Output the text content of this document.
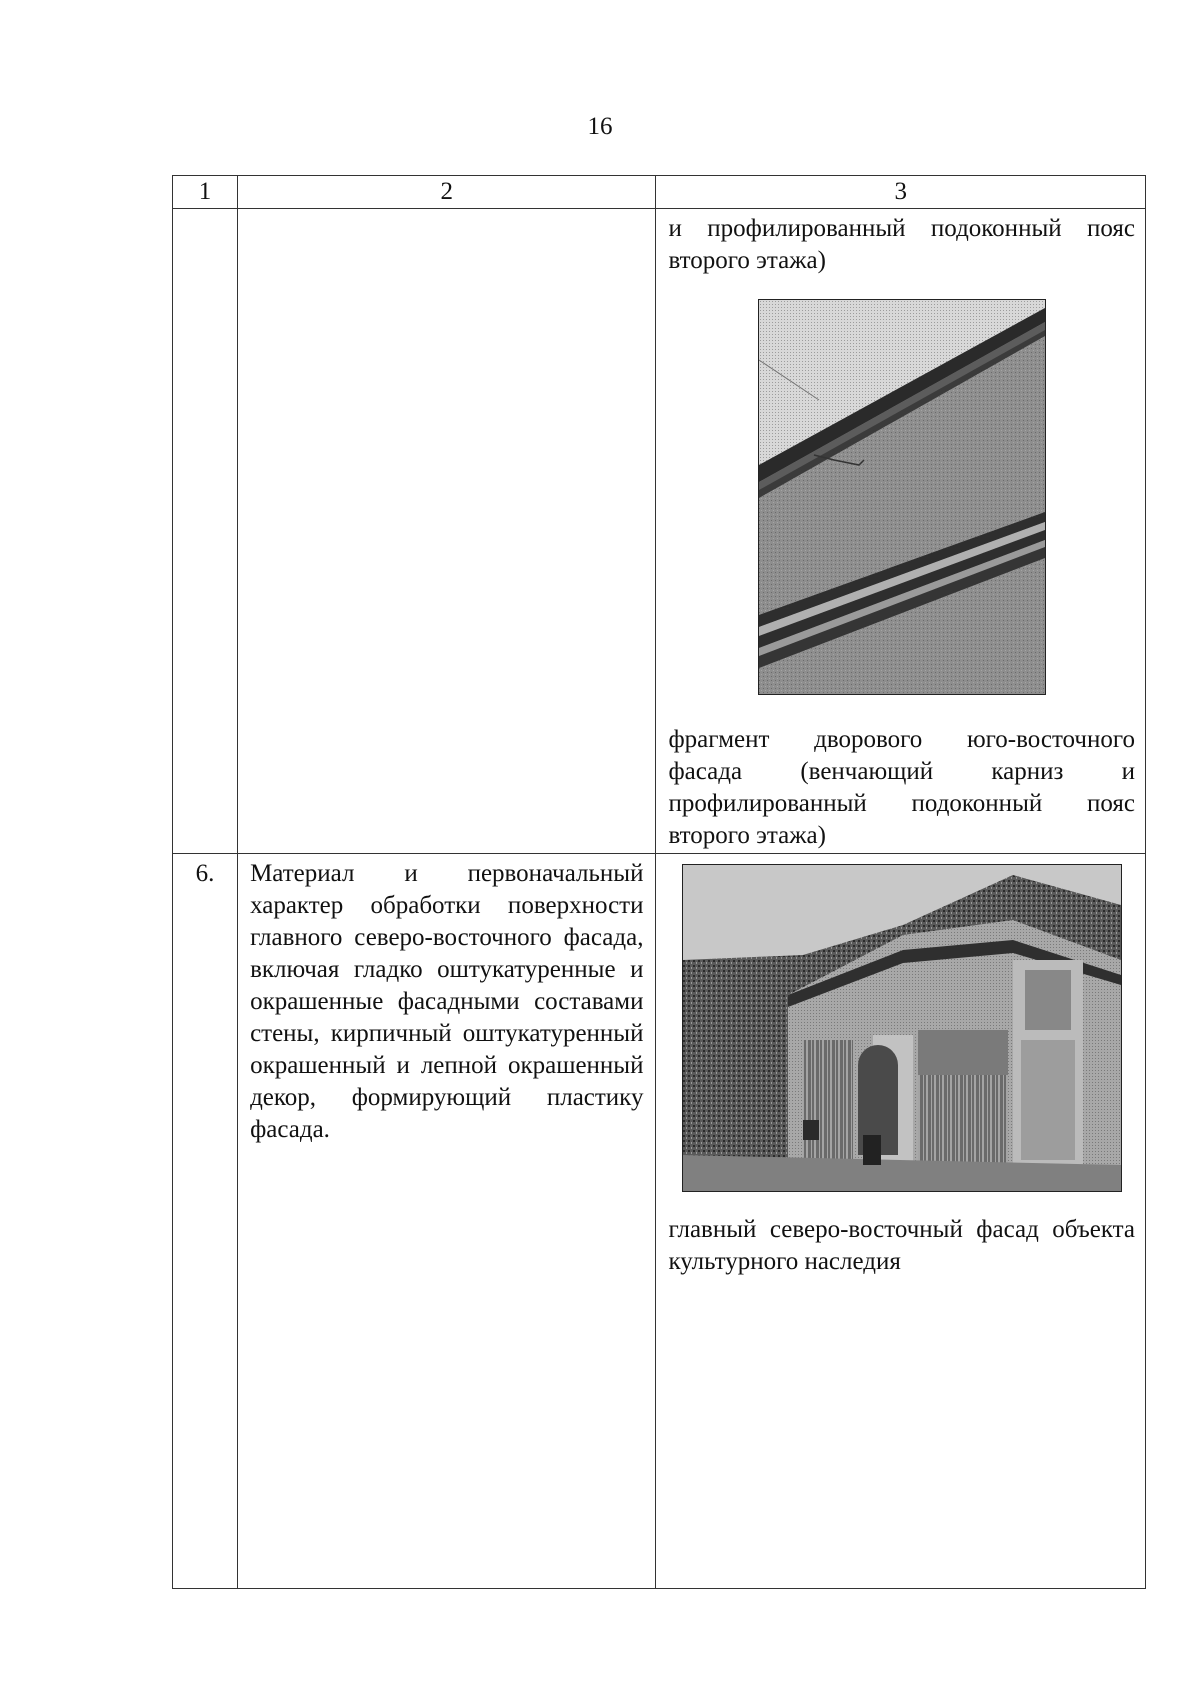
16
1	2	3

		и профилированный подоконный пояс второго этажа)
фрагмент дворового юго-восточного фасада (венчающий карниз и профилированный подоконный пояс второго этажа)

6.	Материал и первоначальный характер обработки поверхности главного северо-восточного фасада, включая гладко оштукатуренные и окрашенные фасадными составами стены, кирпичный оштукатуренный окрашенный и лепной окрашенный декор, формирующий пластику фасада.	главный северо-восточный фасад объекта культурного наследия
